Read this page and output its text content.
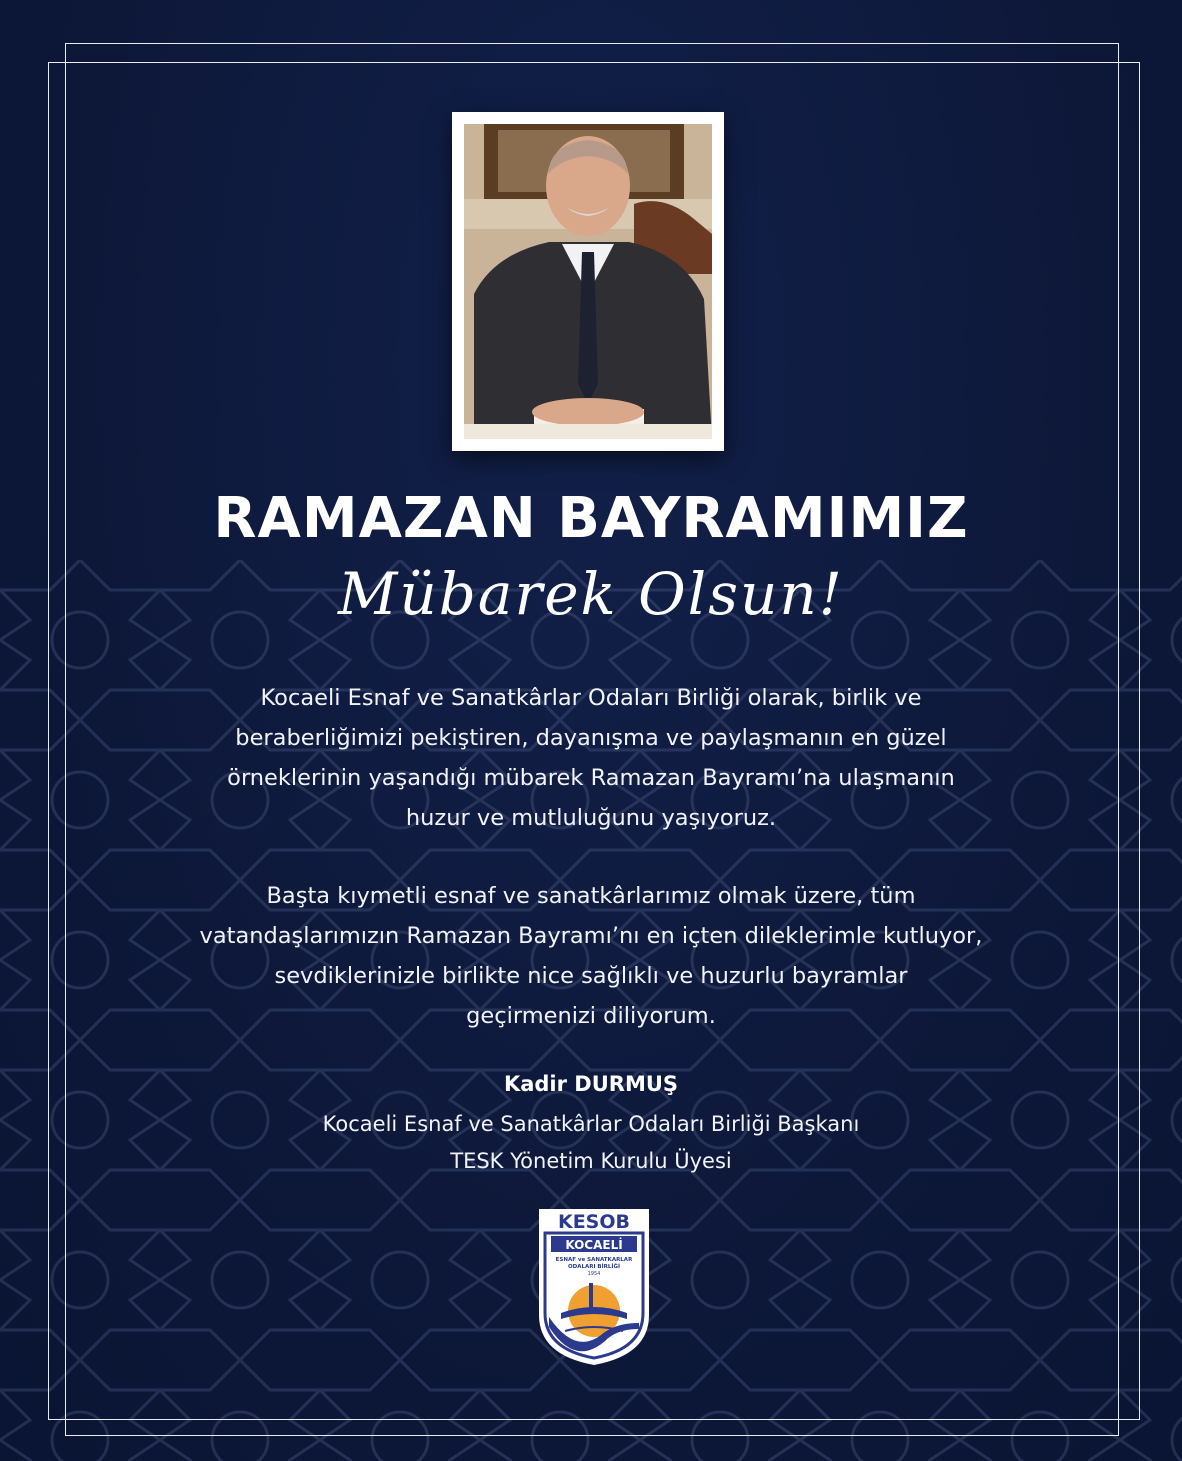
RAMAZAN BAYRAMIMIZ
Mübarek Olsun!
Kocaeli Esnaf ve Sanatkârlar Odaları Birliği olarak, birlik ve
beraberliğimizi pekiştiren, dayanışma ve paylaşmanın en güzel
örneklerinin yaşandığı mübarek Ramazan Bayramı’na ulaşmanın
huzur ve mutluluğunu yaşıyoruz.
Başta kıymetli esnaf ve sanatkârlarımız olmak üzere, tüm
vatandaşlarımızın Ramazan Bayramı’nı en içten dileklerimle kutluyor,
sevdiklerinizle birlikte nice sağlıklı ve huzurlu bayramlar
geçirmenizi diliyorum.
Kadir DURMUŞ
Kocaeli Esnaf ve Sanatkârlar Odaları Birliği Başkanı
TESK Yönetim Kurulu Üyesi
KESOB
KOCAELİ
ESNAF ve SANATKARLAR
ODALARI BİRLİĞİ
1954
